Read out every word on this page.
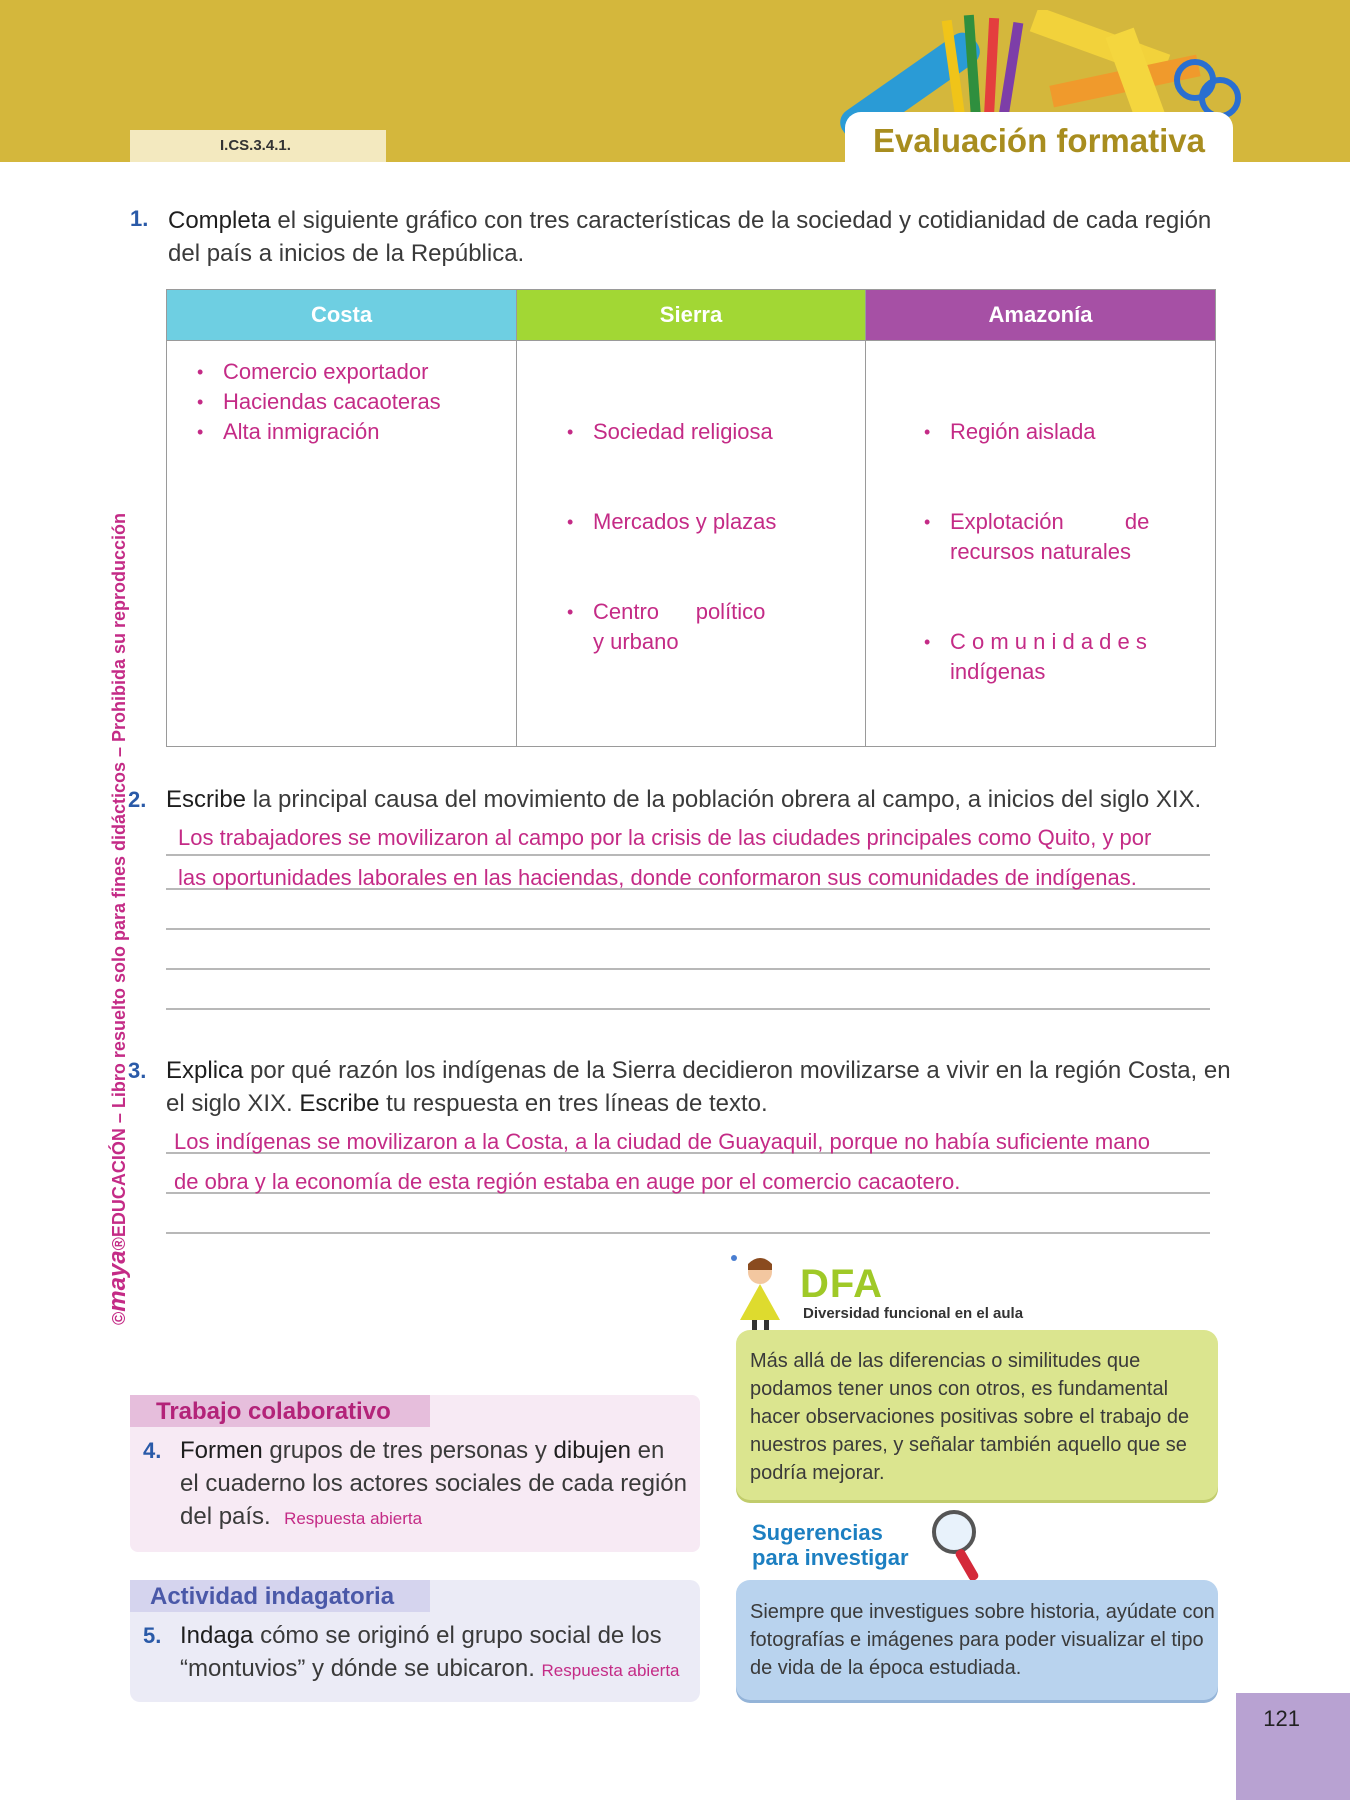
I.CS.3.4.1.	Evaluación formativa
©maya®EDUCACIÓN – Libro resuelto solo para fines didácticos – Prohibida su reproducción
1. Completa el siguiente gráfico con tres características de la sociedad y cotidianidad de cada región
del país a inicios de la República.
Costa
• Comercio exportador
• Haciendas cacaoteras
• Alta inmigración
Sierra

• Sociedad religiosa

• Mercados y plazas

• Centro      político      y urbano

Amazonía

• Región aislada

• Explotación          de recursos naturales

• C o m u n i d a d e s indígenas

2. Escribe la principal causa del movimiento de la población obrera al campo, a inicios del siglo XIX.
Los trabajadores se movilizaron al campo por la crisis de las ciudades principales como Quito, y por
las oportunidades laborales en las haciendas, donde conformaron sus comunidades de indígenas.
3. Explica por qué razón los indígenas de la Sierra decidieron movilizarse a vivir en la región Costa, en
el siglo XIX. Escribe tu respuesta en tres líneas de texto.
Los indígenas se movilizaron a la Costa, a la ciudad de Guayaquil, porque no había suficiente mano
de obra y la economía de esta región estaba en auge por el comercio cacaotero.
DFA
Diversidad funcional en el aula
Más allá de las diferencias o similitudes que podamos tener unos con otros, es fundamental hacer observaciones positivas sobre el trabajo de nuestros pares, y señalar también aquello que se podría mejorar.
Trabajo colaborativo
4. Formen grupos de tres personas y dibujen en
el cuaderno los actores sociales de cada región
del país. Respuesta abierta
Sugerencias
para investigar
Siempre que investigues sobre historia, ayúdate con fotografías e imágenes para poder visualizar el tipo de vida de la época estudiada.
Actividad indagatoria
5. Indaga cómo se originó el grupo social de los
“montuvios” y dónde se ubicaron. Respuesta abierta
121
